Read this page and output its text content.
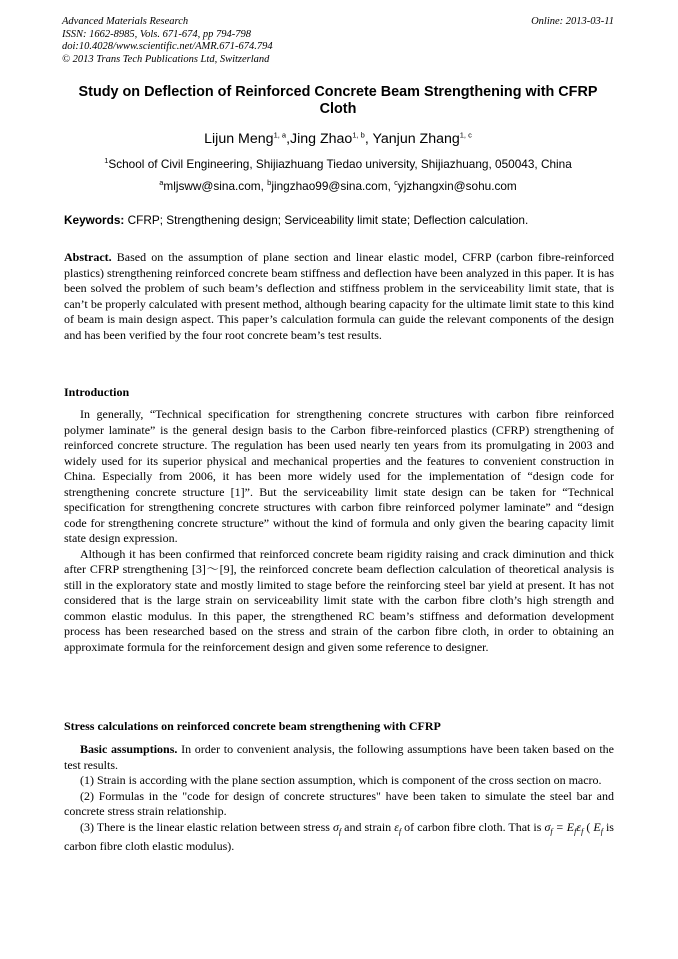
Advanced Materials Research
ISSN: 1662-8985, Vols. 671-674, pp 794-798
doi:10.4028/www.scientific.net/AMR.671-674.794
© 2013 Trans Tech Publications Ltd, Switzerland
Online: 2013-03-11
Study on Deflection of Reinforced Concrete Beam Strengthening with CFRP Cloth
Lijun Meng$^{1, a}$,Jing Zhao$^{1, b}$, Yanjun Zhang$^{1, c}$
$^1$School of Civil Engineering, Shijiazhuang Tiedao university, Shijiazhuang, 050043, China
$^a$mljsww@sina.com, $^b$jingzhao99@sina.com, $^c$yjzhangxin@sohu.com
Keywords: CFRP; Strengthening design; Serviceability limit state; Deflection calculation.

Abstract. Based on the assumption of plane section and linear elastic model, CFRP (carbon fibre-reinforced plastics) strengthening reinforced concrete beam stiffness and deflection have been analyzed in this paper. It is has been solved the problem of such beam’s deflection and stiffness problem in the serviceability limit state, that is can’t be properly calculated with present method, although bearing capacity for the ultimate limit state to this kind of beam is main design aspect. This paper’s calculation formula can guide the relevant components of the design and has been verified by the four root concrete beam’s test results.

Introduction

In generally, “Technical specification for strengthening concrete structures with carbon fibre reinforced polymer laminate” is the general design basis to the Carbon fibre-reinforced plastics (CFRP) strengthening of reinforced concrete structure. The regulation has been used nearly ten years from its promulgating in 2003 and widely used for its superior physical and mechanical properties and the features to convenient construction in China. Especially from 2006, it has been more widely used for the implementation of “design code for strengthening concrete structure [1]”. But the serviceability limit state design can be taken for “Technical specification for strengthening concrete structures with carbon fibre reinforced polymer laminate” and “design code for strengthening concrete structure” without the kind of formula and only given the bearing capacity limit state design expression.

Although it has been confirmed that reinforced concrete beam rigidity raising and crack diminution and thick after CFRP strengthening [3]～[9], the reinforced concrete beam deflection calculation of theoretical analysis is still in the exploratory state and mostly limited to stage before the reinforcing steel bar yield at present. It has not considered that is the large strain on serviceability limit state with the carbon fibre cloth’s high strength and common elastic modulus. In this paper, the strengthened RC beam’s stiffness and deformation development process has been researched based on the stress and strain of the carbon fibre cloth, in order to obtaining an approximate formula for the reinforcement design and given some reference to designer.

Stress calculations on reinforced concrete beam strengthening with CFRP

Basic assumptions. In order to convenient analysis, the following assumptions have been taken based on the test results.

(1) Strain is according with the plane section assumption, which is component of the cross section on macro.

(2) Formulas in the "code for design of concrete structures" have been taken to simulate the steel bar and concrete stress strain relationship.

(3) There is the linear elastic relation between stress $\sigma_f$ and strain $\varepsilon_f$ of carbon fibre cloth. That is $\sigma_f = E_f\varepsilon_f$ ( $E_f$ is carbon fibre cloth elastic modulus).
